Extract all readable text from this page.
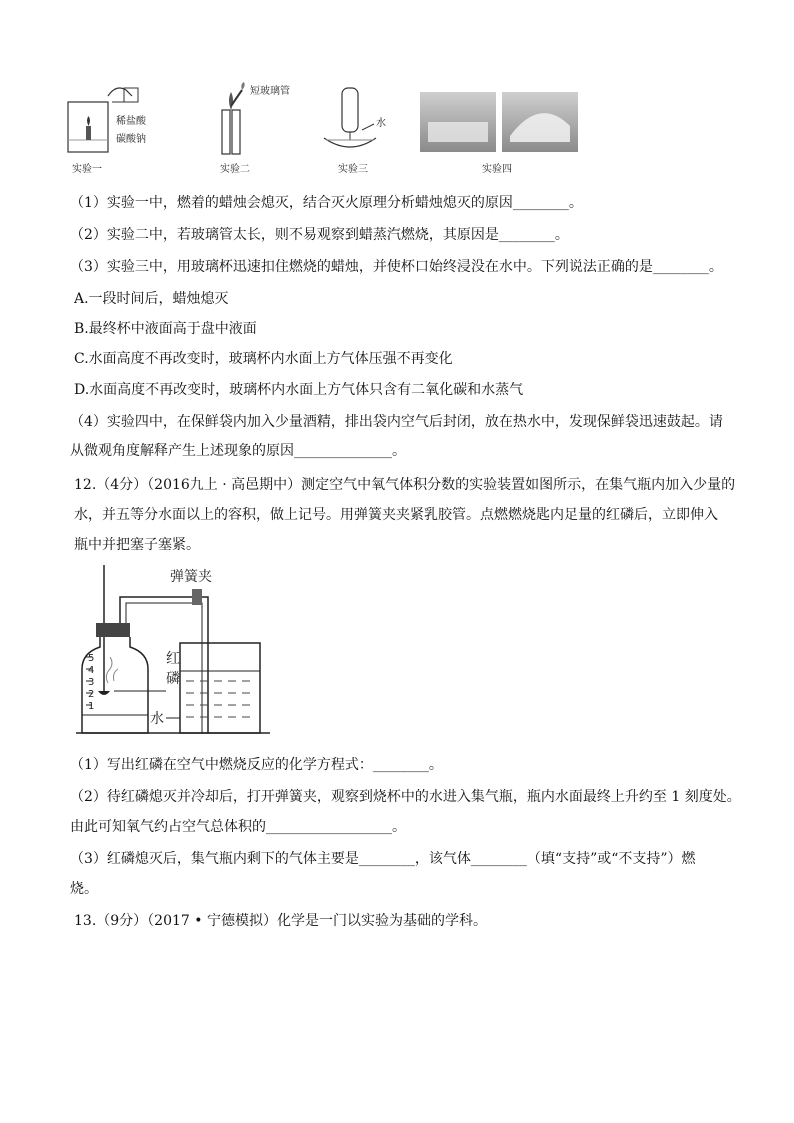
稀盐酸
碳酸钠
实验一
短玻璃管
实验二
水
实验三	实验四
（1）实验一中，燃着的蜡烛会熄灭，结合灭火原理分析蜡烛熄灭的原因________。
（2）实验二中，若玻璃管太长，则不易观察到蜡蒸汽燃烧，其原因是________。
（3）实验三中，用玻璃杯迅速扣住燃烧的蜡烛，并使杯口始终浸没在水中。下列说法正确的是________。
A.一段时间后，蜡烛熄灭
B.最终杯中液面高于盘中液面
C.水面高度不再改变时，玻璃杯内水面上方气体压强不再变化
D.水面高度不再改变时，玻璃杯内水面上方气体只含有二氧化碳和水蒸气
（4）实验四中，在保鲜袋内加入少量酒精，排出袋内空气后封闭，放在热水中，发现保鲜袋迅速鼓起。请
从微观角度解释产生上述现象的原因______________。
12.（4分）（2016九上 · 高邑期中）测定空气中氧气体积分数的实验装置如图所示，在集气瓶内加入少量的
水，并五等分水面以上的容积，做上记号。用弹簧夹夹紧乳胶管。点燃燃烧匙内足量的红磷后，立即伸入
瓶中并把塞子塞紧。
5
4
3
2
1
红
磷
水
弹簧夹
（1）写出红磷在空气中燃烧反应的化学方程式：________。
（2）待红磷熄灭并冷却后，打开弹簧夹，观察到烧杯中的水进入集气瓶，瓶内水面最终上升约至 1 刻度处。
由此可知氧气约占空气总体积的__________________。
（3）红磷熄灭后，集气瓶内剩下的气体主要是________，该气体________（填“支持”或“不支持”）燃
烧。
13.（9分）（2017 • 宁德模拟）化学是一门以实验为基础的学科。
